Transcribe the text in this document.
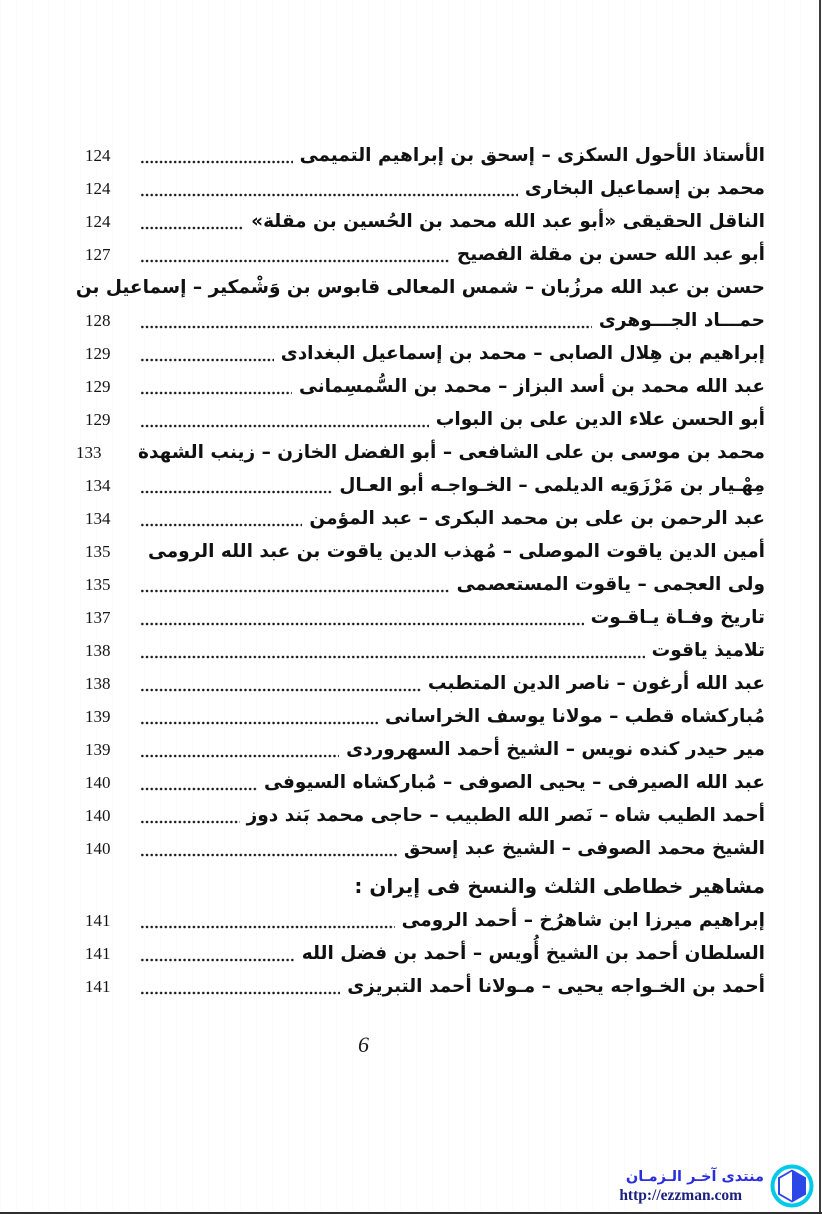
الأستاذ الأحول السكزى – إسحق بن إبراهيم التميمى
124
محمد بن إسماعيل البخارى
124
الناقل الحقيقى «أبو عبد الله محمد بن الحُسين بن مقلة»
124
أبو عبد الله حسن بن مقلة الفصيح
127
حسن بن عبد الله مرزُبان – شمس المعالى قابوس بن وَشْمكير – إسماعيل بن
حمـــاد الجـــوهرى
128
إبراهيم بن هِلال الصابى – محمد بن إسماعيل البغدادى
129
عبد الله محمد بن أسد البزاز – محمد بن السُّمسِمانى
129
أبو الحسن علاء الدين على بن البواب
129
محمد بن موسى بن على الشافعى – أبو الفضل الخازن – زينب الشهدة
133
مِهْـيار بن مَرْزَوَيه الديلمى – الخـواجـه أبو العـال
134
عبد الرحمن بن على بن محمد البكرى – عبد المؤمن
134
أمين الدين ياقوت الموصلى – مُهذب الدين ياقوت بن عبد الله الرومى
135
ولى العجمى – ياقوت المستعصمى
135
تاريخ وفـاة يـاقـوت
137
تلاميذ ياقوت
138
عبد الله أرغون – ناصر الدين المتطبب
138
مُباركشاه قطب – مولانا يوسف الخراسانى
139
مير حيدر كنده نويس – الشيخ أحمد السهروردى
139
عبد الله الصيرفى – يحيى الصوفى – مُباركشاه السيوفى
140
أحمد الطيب شاه – نَصر الله الطبيب – حاجى محمد بَند دوز
140
الشيخ محمد الصوفى – الشيخ عبد إسحق
140
مشاهير خطاطى الثلث والنسخ فى إيران :
إبراهيم ميرزا ابن شاهرُخ – أحمد الرومى
141
السلطان أحمد بن الشيخ أُويس – أحمد بن فضل الله
141
أحمد بن الخـواجه يحيى – مـولانا أحمد التبريزى
141
6
منتدى آخـر الـزمـان
http://ezzman.com
